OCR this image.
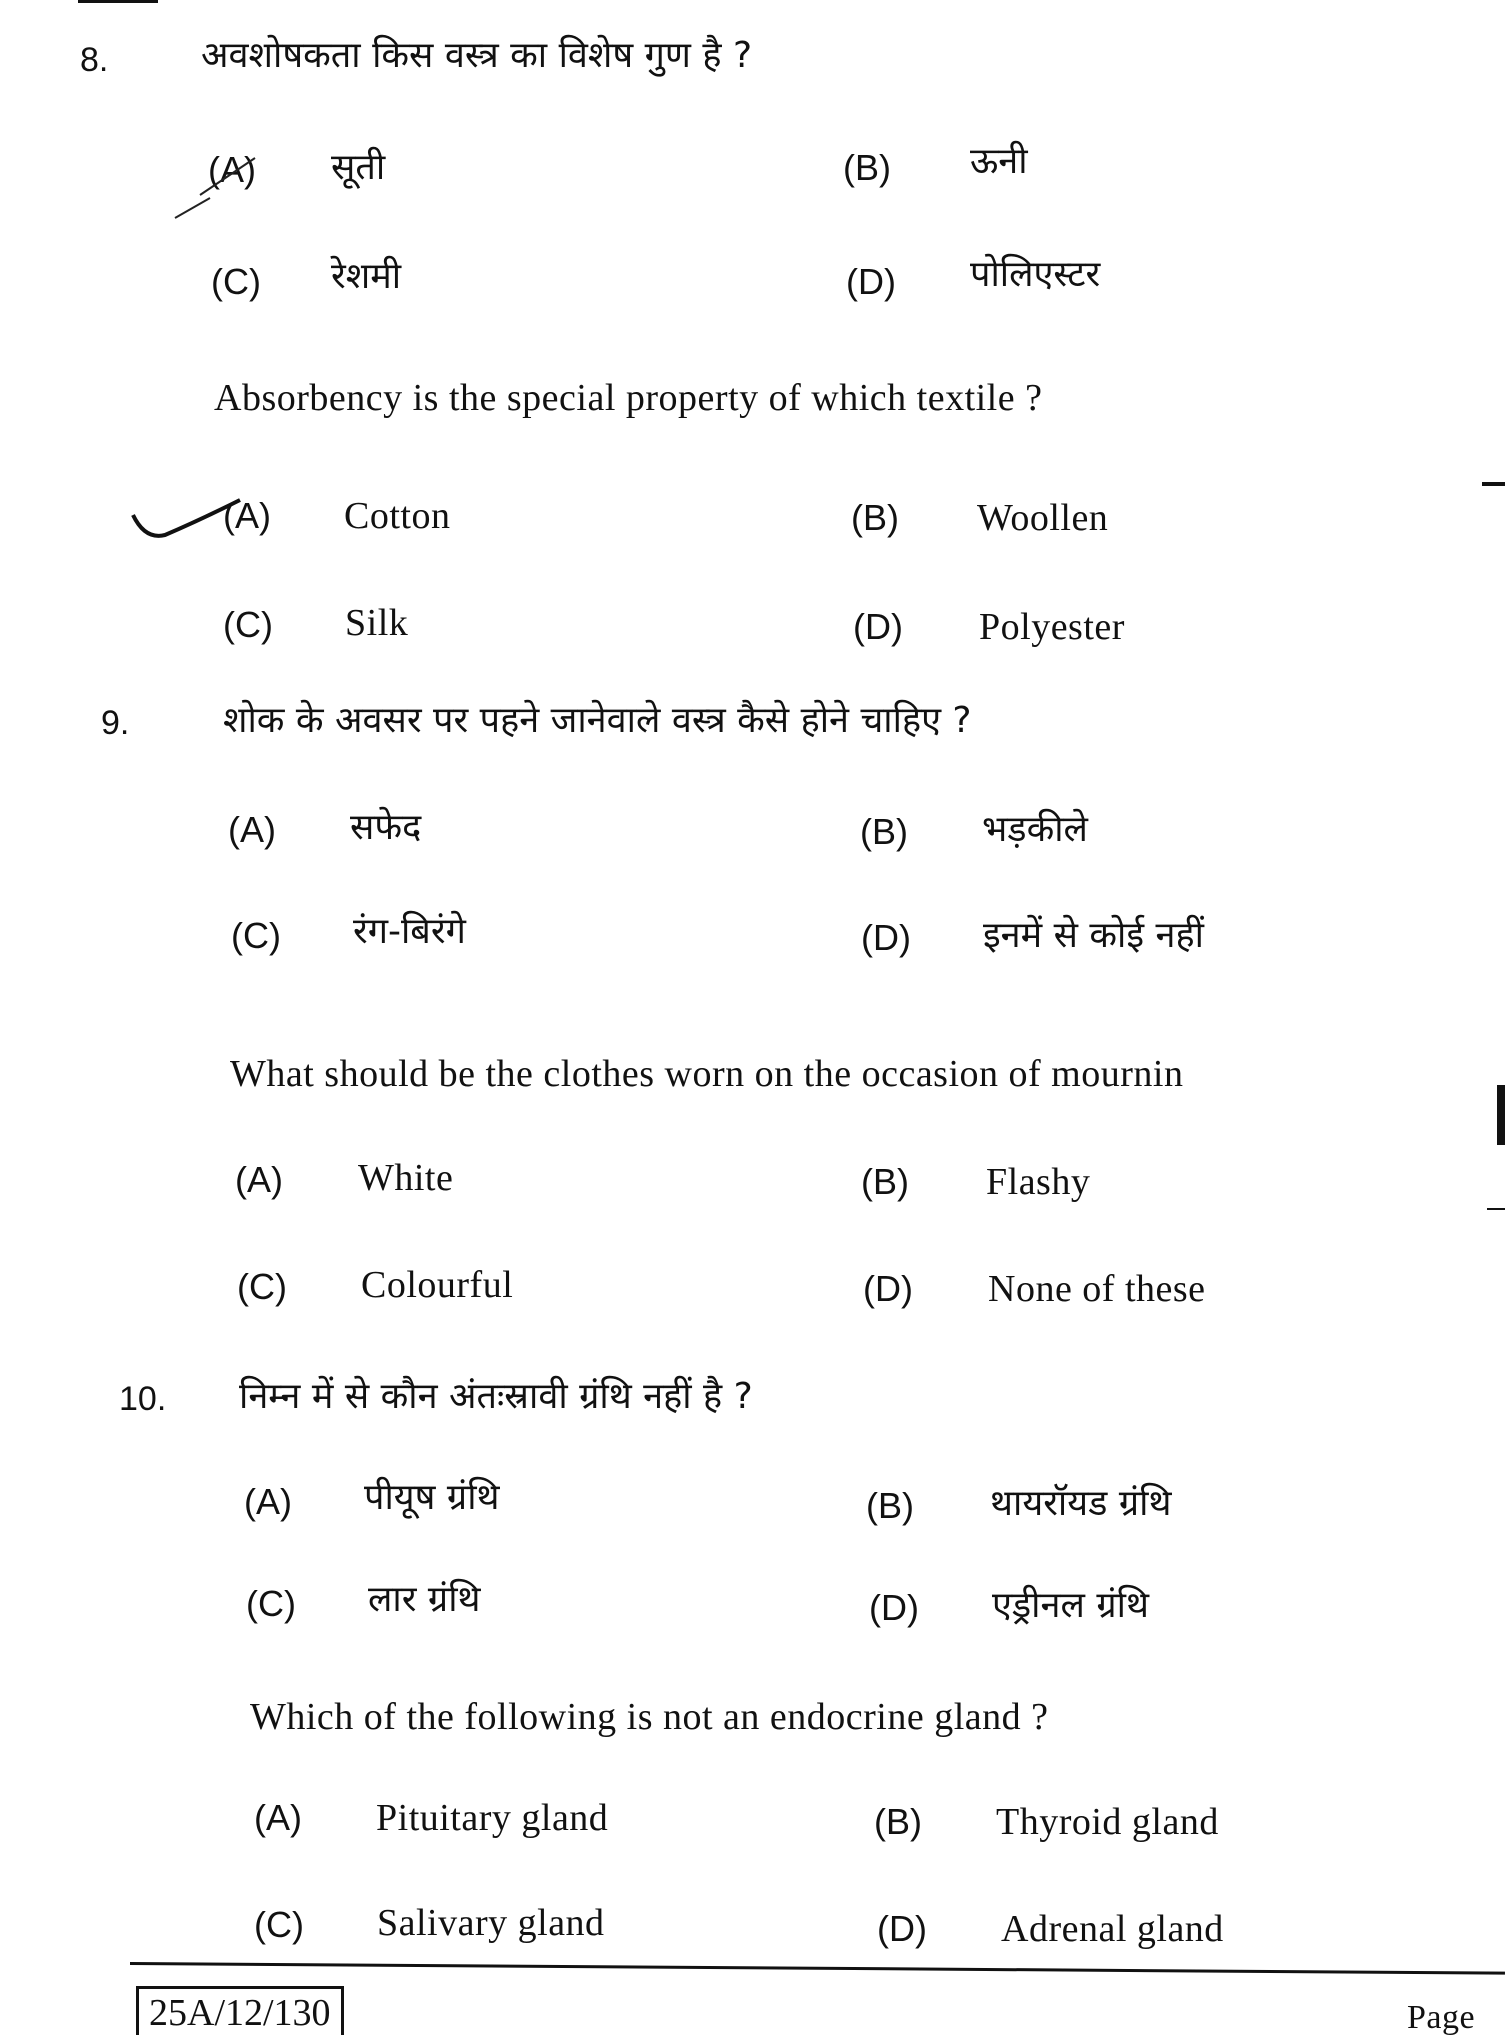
8.	अवशोषकता किस वस्त्र का विशेष गुण है ?
(A) सूती	(B) ऊनी
(C) रेशमी	(D) पोलिएस्टर
Absorbency is the special property of which textile ?
(A) Cotton	(B) Woollen
(C) Silk	(D) Polyester
9.	शोक के अवसर पर पहने जानेवाले वस्त्र कैसे होने चाहिए ?
(A) सफेद	(B) भड़कीले
(C) रंग-बिरंगे	(D) इनमें से कोई नहीं
What should be the clothes worn on the occasion of mournin
(A) White	(B) Flashy
(C) Colourful	(D) None of these
10. निम्न में से कौन अंतःस्रावी ग्रंथि नहीं है ?
(A) पीयूष ग्रंथि	(B) थायरॉयड ग्रंथि
(C) लार ग्रंथि	(D) एड्रीनल ग्रंथि
Which of the following is not an endocrine gland ?
(A) Pituitary gland	(B) Thyroid gland
(C) Salivary gland	(D) Adrenal gland
25A/12/130	Page
